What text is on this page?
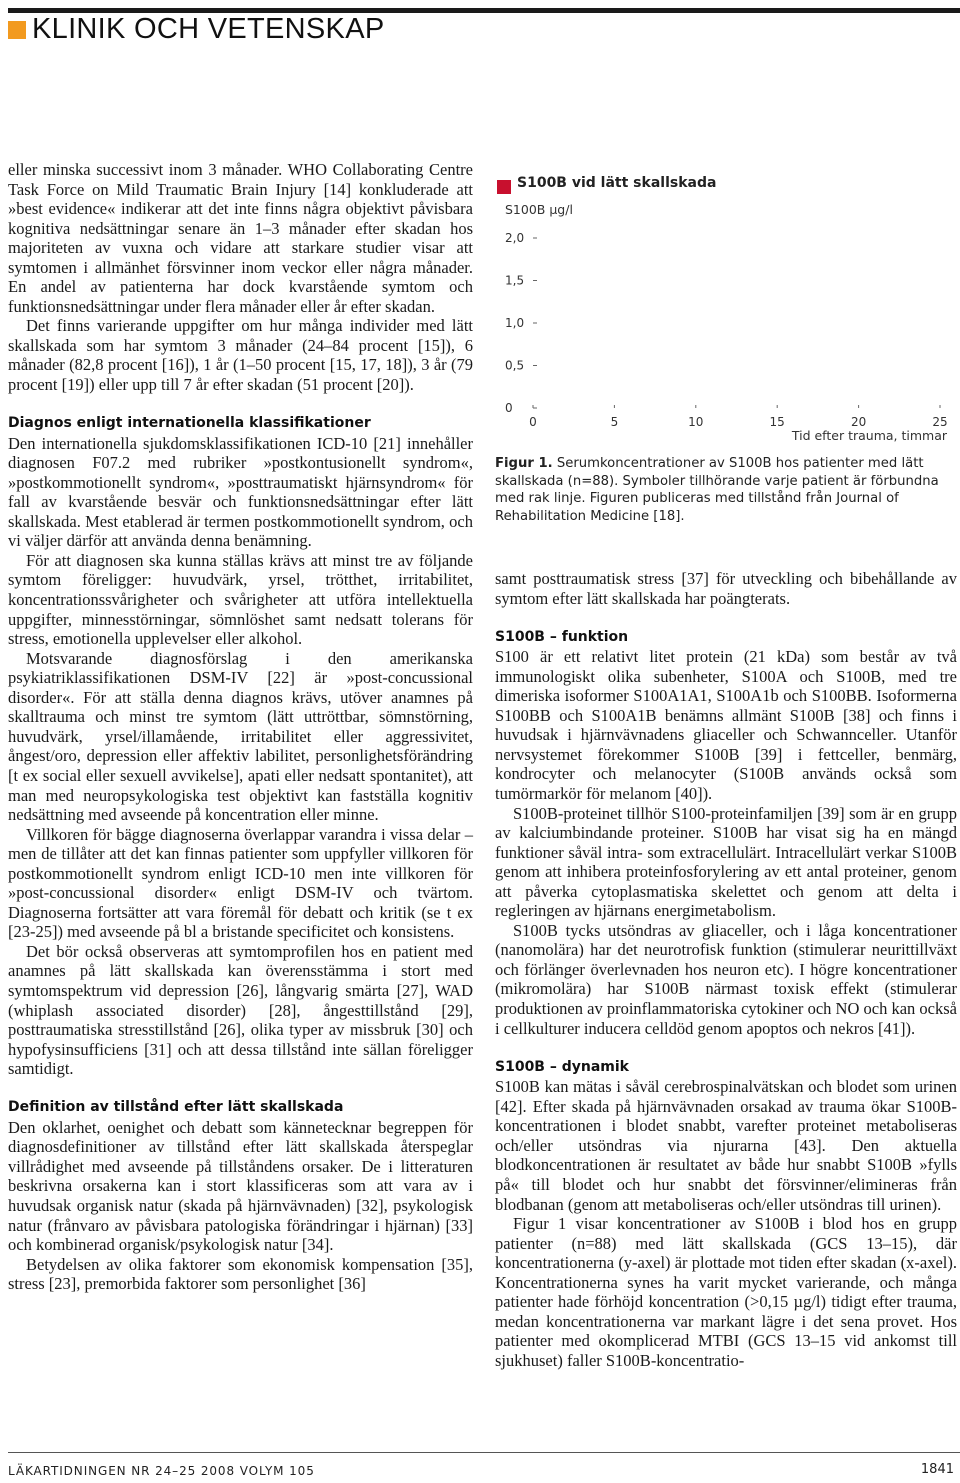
KLINIK OCH VETENSKAP

eller minska successivt inom 3 månader. WHO Collaborating Centre Task Force on Mild Traumatic Brain Injury [14] konkluderade att »best evidence« indikerar att det inte finns några objektivt påvisbara kognitiva nedsättningar senare än 1–3 månader efter skadan hos majoriteten av vuxna och vidare att starkare studier visar att symtomen i allmänhet försvinner inom veckor eller några månader. En andel av patienterna har dock kvarstående symtom och funktionsnedsättningar under flera månader eller år efter skadan.

Det finns varierande uppgifter om hur många individer med lätt skallskada som har symtom 3 månader (24–84 procent [15]), 6 månader (82,8 procent [16]), 1 år (1–50 procent [15, 17, 18]), 3 år (79 procent [19]) eller upp till 7 år efter skadan (51 procent [20]).

Diagnos enligt internationella klassifikationer

Den internationella sjukdomsklassifikationen ICD-10 [21] innehåller diagnosen F07.2 med rubriker »postkontusionellt syndrom«, »postkommotionellt syndrom«, »posttraumatiskt hjärnsyndrom« för fall av kvarstående besvär och funktionsnedsättningar efter lätt skallskada. Mest etablerad är termen postkommotionellt syndrom, och vi väljer därför att använda denna benämning.

För att diagnosen ska kunna ställas krävs att minst tre av följande symtom föreligger: huvudvärk, yrsel, trötthet, irritabilitet, koncentrationssvårigheter och svårigheter att utföra intellektuella uppgifter, minnesstörningar, sömnlöshet samt nedsatt tolerans för stress, emotionella upplevelser eller alkohol.

Motsvarande diagnosförslag i den amerikanska psykiatriklassifikationen DSM-IV [22] är »post-concussional disorder«. För att ställa denna diagnos krävs, utöver anamnes på skalltrauma och minst tre symtom (lätt uttröttbar, sömnstörning, huvudvärk, yrsel/illamående, irritabilitet eller aggressivitet, ångest/oro, depression eller affektiv labilitet, personlighetsförändring [t ex social eller sexuell avvikelse], apati eller nedsatt spontanitet), att man med neuropsykologiska test objektivt kan fastställa kognitiv nedsättning med avseende på koncentration eller minne.

Villkoren för bägge diagnoserna överlappar varandra i vissa delar – men de tillåter att det kan finnas patienter som uppfyller villkoren för postkommotionellt syndrom enligt ICD-10 men inte villkoren för »post-concussional disorder« enligt DSM-IV och tvärtom. Diagnoserna fortsätter att vara föremål för debatt och kritik (se t ex [23-25]) med avseende på bl a bristande specificitet och konsistens.

Det bör också observeras att symtomprofilen hos en patient med anamnes på lätt skallskada kan överensstämma i stort med symtomspektrum vid depression [26], långvarig smärta [27], WAD (whiplash associated disorder) [28], ångesttillstånd [29], posttraumatiska stresstillstånd [26], olika typer av missbruk [30] och hypofysinsufficiens [31] och att dessa tillstånd inte sällan föreligger samtidigt.

Definition av tillstånd efter lätt skallskada

Den oklarhet, oenighet och debatt som kännetecknar begreppen för diagnosdefinitioner av tillstånd efter lätt skallskada återspeglar villrådighet med avseende på tillståndens orsaker. De i litteraturen beskrivna orsakerna kan i stort klassificeras som att vara av i huvudsak organisk natur (skada på hjärnvävnaden) [32], psykologisk natur (frånvaro av påvisbara patologiska förändringar i hjärnan) [33] och kombinerad organisk/psykologisk natur [34].

Betydelsen av olika faktorer som ekonomisk kompensation [35], stress [23], premorbida faktorer som personlighet [36]

S100B vid lätt skallskada
S100B µg/l
0
0,5
1,0
1,5
2,0
0	5	10	15	20	25
Tid efter trauma, timmar
Figur 1. Serumkoncentrationer av S100B hos patienter med lätt skallskada (n=88). Symboler tillhörande varje patient är förbundna med rak linje. Figuren publiceras med tillstånd från Journal of Rehabilitation Medicine [18].

samt posttraumatisk stress [37] för utveckling och bibehållande av symtom efter lätt skallskada har poängterats.

S100B – funktion

S100 är ett relativt litet protein (21 kDa) som består av två immunologiskt olika subenheter, S100A och S100B, med tre dimeriska isoformer S100A1A1, S100A1b och S100BB. Isoformerna S100BB och S100A1B benämns allmänt S100B [38] och finns i huvudsak i hjärnvävnadens gliaceller och Schwannceller. Utanför nervsystemet förekommer S100B [39] i fettceller, benmärg, kondrocyter och melanocyter (S100B används också som tumörmarkör för melanom [40]).

S100B-proteinet tillhör S100-proteinfamiljen [39] som är en grupp av kalciumbindande proteiner. S100B har visat sig ha en mängd funktioner såväl intra- som extracellulärt. Intracellulärt verkar S100B genom att inhibera proteinfosforylering av ett antal proteiner, genom att påverka cytoplasmatiska skelettet och genom att delta i regleringen av hjärnans energimetabolism.

S100B tycks utsöndras av gliaceller, och i låga koncentrationer (nanomolära) har det neurotrofisk funktion (stimulerar neurittillväxt och förlänger överlevnaden hos neuron etc). I högre koncentrationer (mikromolära) har S100B närmast toxisk effekt (stimulerar produktionen av proinflammatoriska cytokiner och NO och kan också i cellkulturer inducera celldöd genom apoptos och nekros [41]).

S100B – dynamik

S100B kan mätas i såväl cerebrospinalvätskan och blodet som urinen [42]. Efter skada på hjärnvävnaden orsakad av trauma ökar S100B-koncentrationen i blodet snabbt, varefter proteinet metaboliseras och/eller utsöndras via njurarna [43]. Den aktuella blodkoncentrationen är resultatet av både hur snabbt S100B »fylls på« till blodet och hur snabbt det försvinner/elimineras från blodbanan (genom att metaboliseras och/eller utsöndras till urinen).

Figur 1 visar koncentrationer av S100B i blod hos en grupp patienter (n=88) med lätt skallskada (GCS 13–15), där koncentrationerna (y-axel) är plottade mot tiden efter skadan (x-axel). Koncentrationerna synes ha varit mycket varierande, och många patienter hade förhöjd koncentration (>0,15 µg/l) tidigt efter trauma, medan koncentrationerna var markant lägre i det sena provet. Hos patienter med okomplicerad MTBI (GCS 13–15 vid ankomst till sjukhuset) faller S100B-koncentratio-

LÄKARTIDNINGEN NR 24–25 2008 VOLYM 105	1841
